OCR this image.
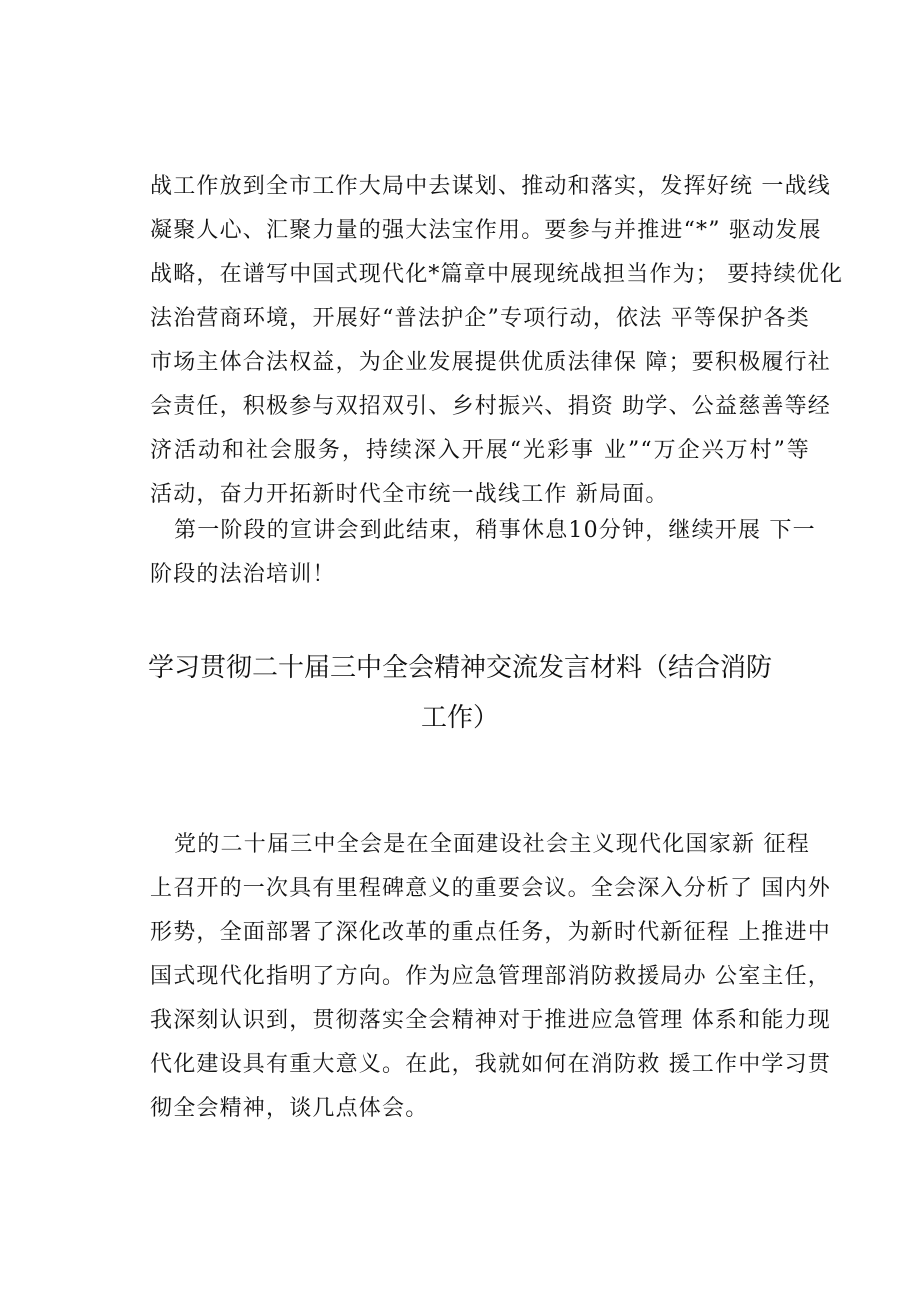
战工作放到全市工作大局中去谋划、推动和落实，发挥好统 一战线
凝聚人心、汇聚力量的强大法宝作用。要参与并推进“*” 驱动发展
战略，在谱写中国式现代化*篇章中展现统战担当作为； 要持续优化
法治营商环境，开展好“普法护企”专项行动，依法 平等保护各类
市场主体合法权益，为企业发展提供优质法律保 障；要积极履行社
会责任，积极参与双招双引、乡村振兴、捐资 助学、公益慈善等经
济活动和社会服务，持续深入开展“光彩事 业”“万企兴万村”等
活动，奋力开拓新时代全市统一战线工作 新局面。
第一阶段的宣讲会到此结束，稍事休息10分钟，继续开展 下一
阶段的法治培训！
学习贯彻二十届三中全会精神交流发言材料（结合消防
工作）
党的二十届三中全会是在全面建设社会主义现代化国家新 征程
上召开的一次具有里程碑意义的重要会议。全会深入分析了 国内外
形势，全面部署了深化改革的重点任务，为新时代新征程 上推进中
国式现代化指明了方向。作为应急管理部消防救援局办 公室主任，
我深刻认识到，贯彻落实全会精神对于推进应急管理 体系和能力现
代化建设具有重大意义。在此，我就如何在消防救 援工作中学习贯
彻全会精神，谈几点体会。
